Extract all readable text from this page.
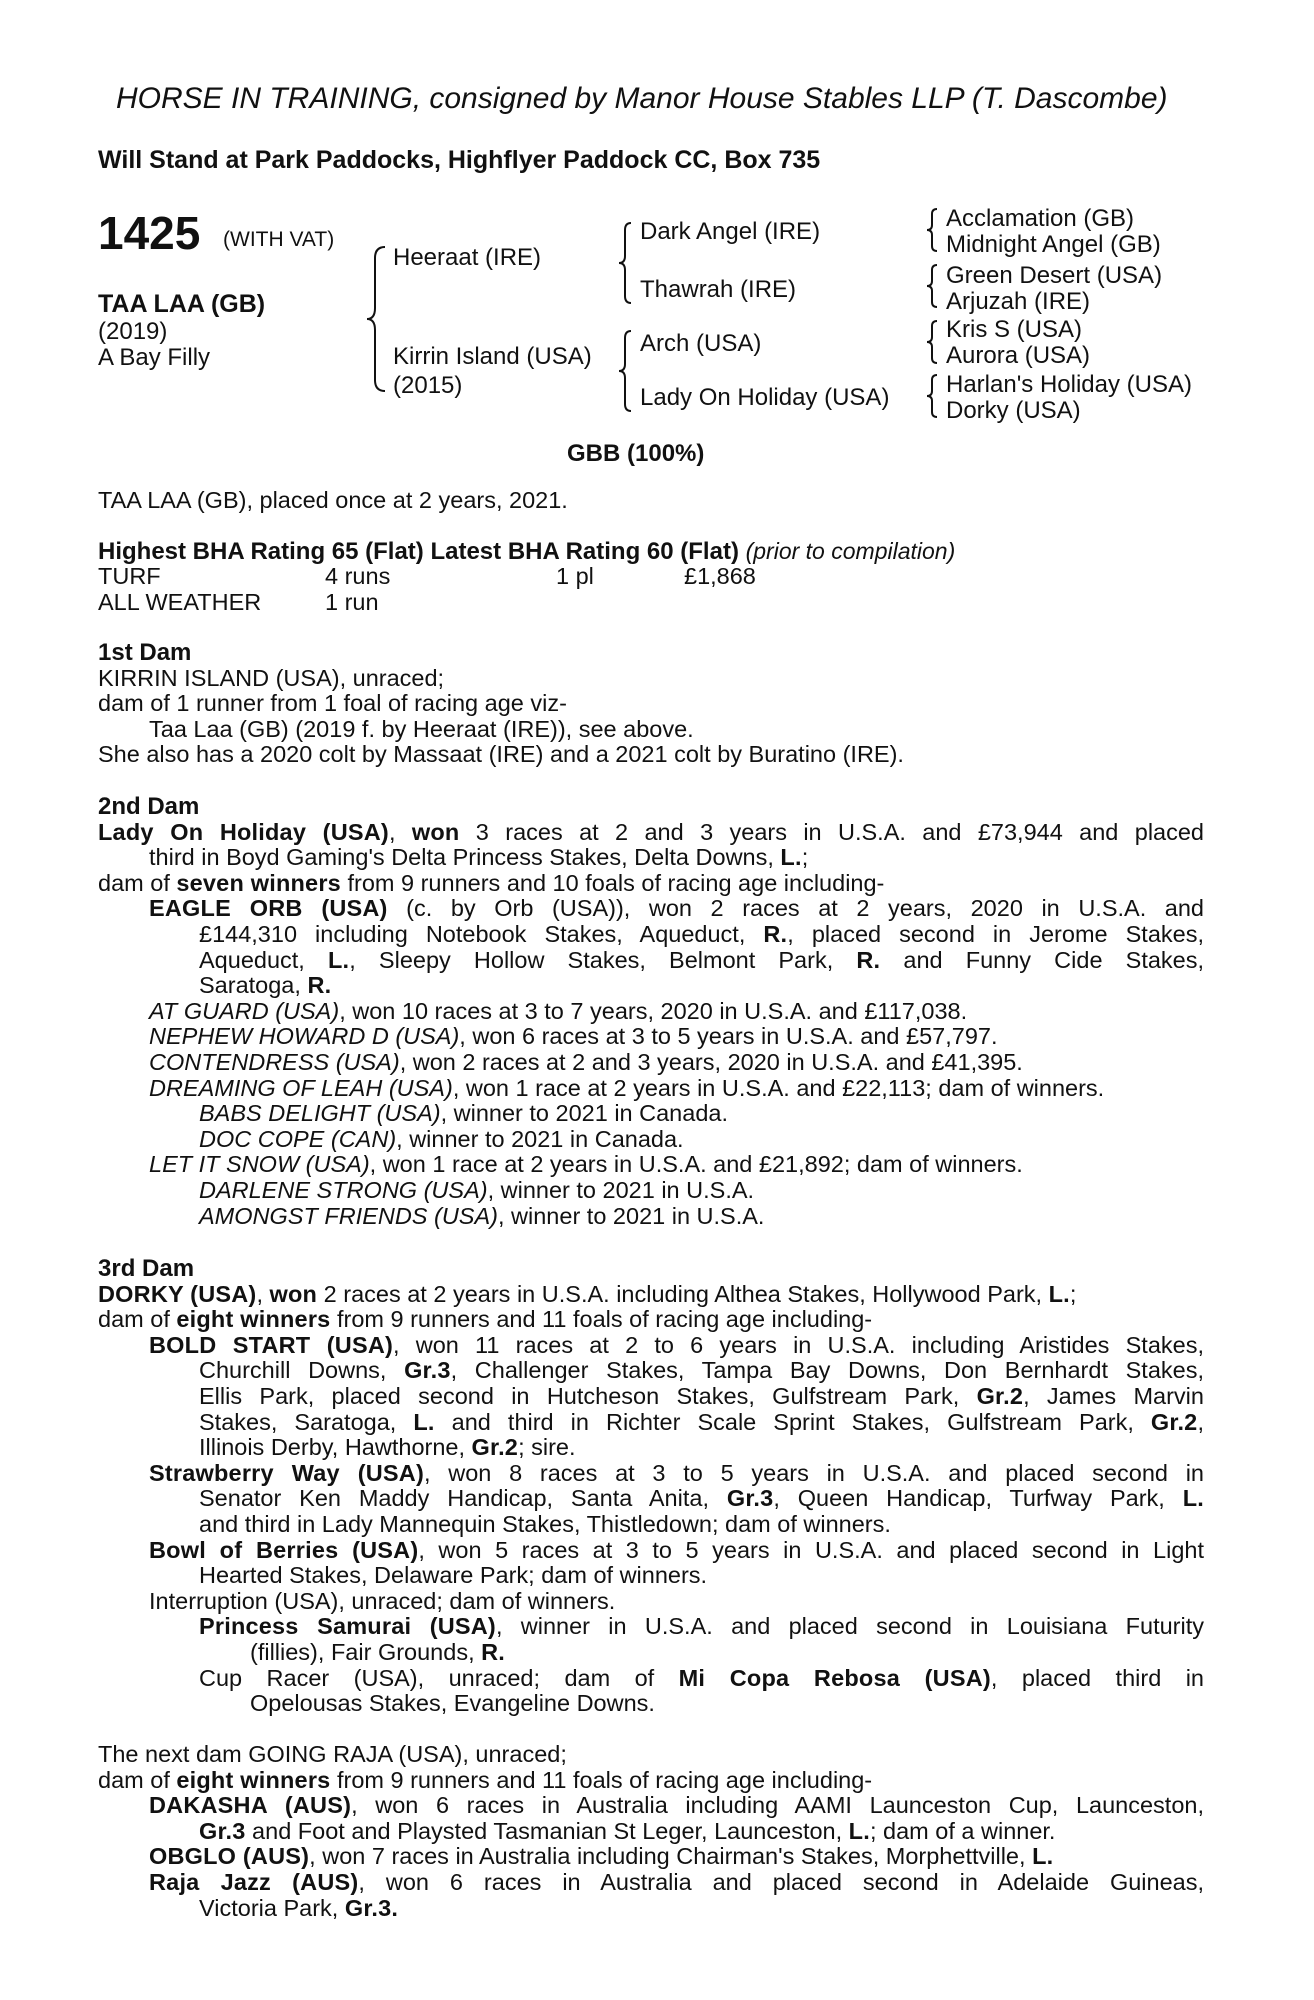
HORSE IN TRAINING, consigned by Manor House Stables LLP (T. Dascombe)
Will Stand at Park Paddocks, Highflyer Paddock CC, Box 735
1425 (WITH VAT)
TAA LAA (GB)
(2019)
A Bay Filly
Heeraat (IRE)
Kirrin Island (USA)
(2015)
Dark Angel (IRE)
Thawrah (IRE)
Arch (USA)
Lady On Holiday (USA)
Acclamation (GB)
Midnight Angel (GB)
Green Desert (USA)
Arjuzah (IRE)
Kris S (USA)
Aurora (USA)
Harlan's Holiday (USA)
Dorky (USA)
GBB (100%)
TAA LAA (GB), placed once at 2 years, 2021.
Highest BHA Rating 65 (Flat) Latest BHA Rating 60 (Flat) (prior to compilation)
TURF	4 runs	1 pl	£1,868
ALL WEATHER	1 run
1st Dam
KIRRIN ISLAND (USA), unraced;
dam of 1 runner from 1 foal of racing age viz-
Taa Laa (GB) (2019 f. by Heeraat (IRE)), see above.
She also has a 2020 colt by Massaat (IRE) and a 2021 colt by Buratino (IRE).
2nd Dam
Lady On Holiday (USA), won 3 races at 2 and 3 years in U.S.A. and £73,944 and placed
third in Boyd Gaming's Delta Princess Stakes, Delta Downs, L.;
dam of seven winners from 9 runners and 10 foals of racing age including-
EAGLE ORB (USA) (c. by Orb (USA)), won 2 races at 2 years, 2020 in U.S.A. and
£144,310 including Notebook Stakes, Aqueduct, R., placed second in Jerome Stakes,
Aqueduct, L., Sleepy Hollow Stakes, Belmont Park, R. and Funny Cide Stakes,
Saratoga, R.
AT GUARD (USA), won 10 races at 3 to 7 years, 2020 in U.S.A. and £117,038.
NEPHEW HOWARD D (USA), won 6 races at 3 to 5 years in U.S.A. and £57,797.
CONTENDRESS (USA), won 2 races at 2 and 3 years, 2020 in U.S.A. and £41,395.
DREAMING OF LEAH (USA), won 1 race at 2 years in U.S.A. and £22,113; dam of winners.
BABS DELIGHT (USA), winner to 2021 in Canada.
DOC COPE (CAN), winner to 2021 in Canada.
LET IT SNOW (USA), won 1 race at 2 years in U.S.A. and £21,892; dam of winners.
DARLENE STRONG (USA), winner to 2021 in U.S.A.
AMONGST FRIENDS (USA), winner to 2021 in U.S.A.
3rd Dam
DORKY (USA), won 2 races at 2 years in U.S.A. including Althea Stakes, Hollywood Park, L.;
dam of eight winners from 9 runners and 11 foals of racing age including-
BOLD START (USA), won 11 races at 2 to 6 years in U.S.A. including Aristides Stakes,
Churchill Downs, Gr.3, Challenger Stakes, Tampa Bay Downs, Don Bernhardt Stakes,
Ellis Park, placed second in Hutcheson Stakes, Gulfstream Park, Gr.2, James Marvin
Stakes, Saratoga, L. and third in Richter Scale Sprint Stakes, Gulfstream Park, Gr.2,
Illinois Derby, Hawthorne, Gr.2; sire.
Strawberry Way (USA), won 8 races at 3 to 5 years in U.S.A. and placed second in
Senator Ken Maddy Handicap, Santa Anita, Gr.3, Queen Handicap, Turfway Park, L.
and third in Lady Mannequin Stakes, Thistledown; dam of winners.
Bowl of Berries (USA), won 5 races at 3 to 5 years in U.S.A. and placed second in Light
Hearted Stakes, Delaware Park; dam of winners.
Interruption (USA), unraced; dam of winners.
Princess Samurai (USA), winner in U.S.A. and placed second in Louisiana Futurity
(fillies), Fair Grounds, R.
Cup Racer (USA), unraced; dam of Mi Copa Rebosa (USA), placed third in
Opelousas Stakes, Evangeline Downs.
The next dam GOING RAJA (USA), unraced;
dam of eight winners from 9 runners and 11 foals of racing age including-
DAKASHA (AUS), won 6 races in Australia including AAMI Launceston Cup, Launceston,
Gr.3 and Foot and Playsted Tasmanian St Leger, Launceston, L.; dam of a winner.
OBGLO (AUS), won 7 races in Australia including Chairman's Stakes, Morphettville, L.
Raja Jazz (AUS), won 6 races in Australia and placed second in Adelaide Guineas,
Victoria Park, Gr.3.
